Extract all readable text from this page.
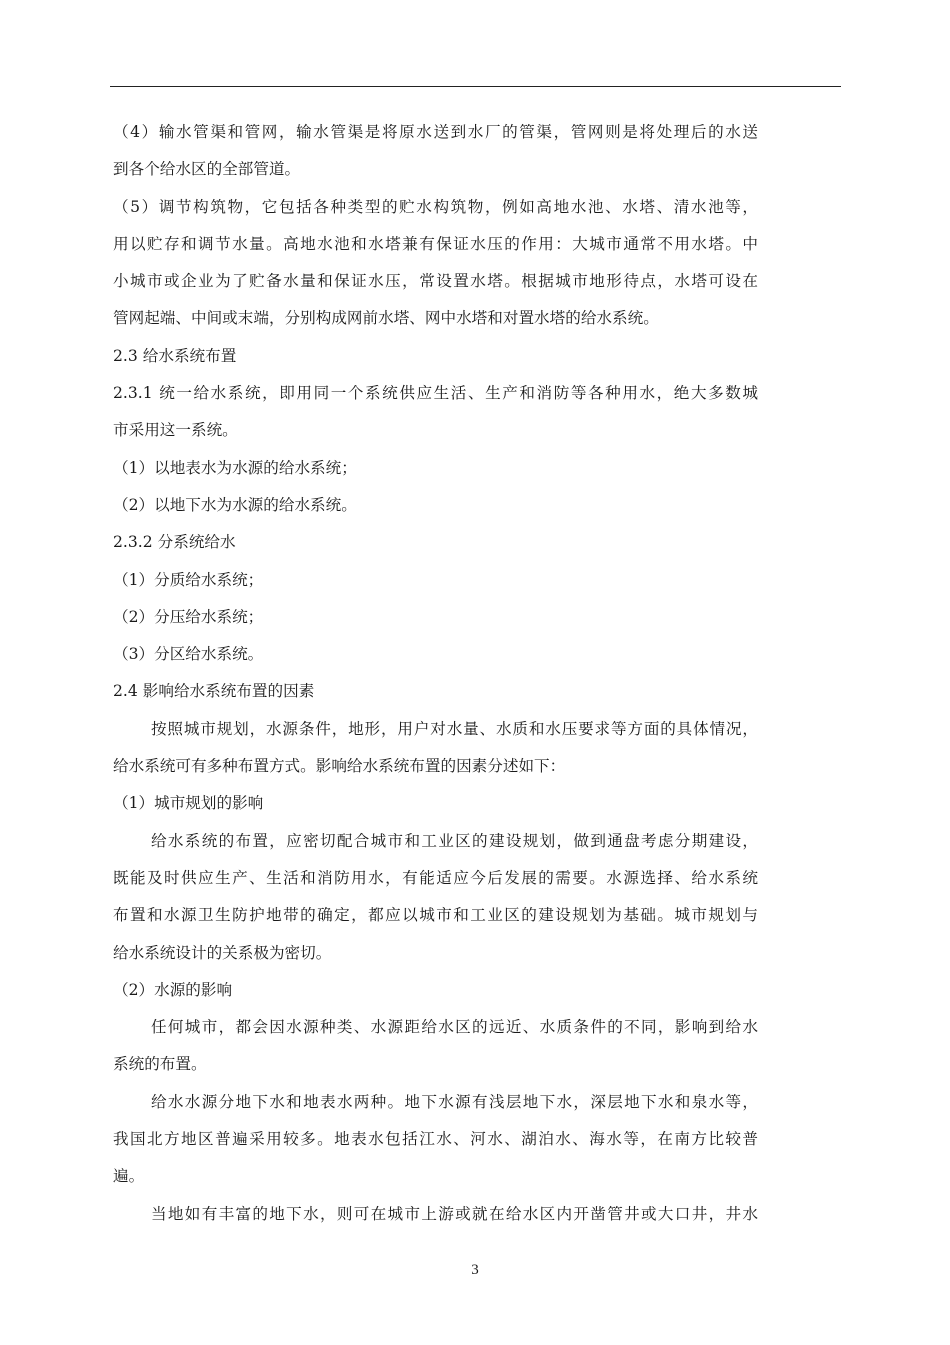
（4）输水管渠和管网，输水管渠是将原水送到水厂的管渠，管网则是将处理后的水送
到各个给水区的全部管道。
（5）调节构筑物，它包括各种类型的贮水构筑物，例如高地水池、水塔、清水池等，
用以贮存和调节水量。高地水池和水塔兼有保证水压的作用：大城市通常不用水塔。中
小城市或企业为了贮备水量和保证水压，常设置水塔。根据城市地形待点，水塔可设在
管网起端、中间或末端，分别构成网前水塔、网中水塔和对置水塔的给水系统。
2.3 给水系统布置
2.3.1 统一给水系统，即用同一个系统供应生活、生产和消防等各种用水，绝大多数城
市采用这一系统。
（1）以地表水为水源的给水系统；
（2）以地下水为水源的给水系统。
2.3.2 分系统给水
（1）分质给水系统；
（2）分压给水系统；
（3）分区给水系统。
2.4 影响给水系统布置的因素
按照城市规划，水源条件，地形，用户对水量、水质和水压要求等方面的具体情况，
给水系统可有多种布置方式。影响给水系统布置的因素分述如下：
（1）城市规划的影响
给水系统的布置，应密切配合城市和工业区的建设规划，做到通盘考虑分期建设，
既能及时供应生产、生活和消防用水，有能适应今后发展的需要。水源选择、给水系统
布置和水源卫生防护地带的确定，都应以城市和工业区的建设规划为基础。城市规划与
给水系统设计的关系极为密切。
（2）水源的影响
任何城市，都会因水源种类、水源距给水区的远近、水质条件的不同，影响到给水
系统的布置。
给水水源分地下水和地表水两种。地下水源有浅层地下水，深层地下水和泉水等，
我国北方地区普遍采用较多。地表水包括江水、河水、湖泊水、海水等，在南方比较普
遍。
当地如有丰富的地下水，则可在城市上游或就在给水区内开凿管井或大口井，井水
3
